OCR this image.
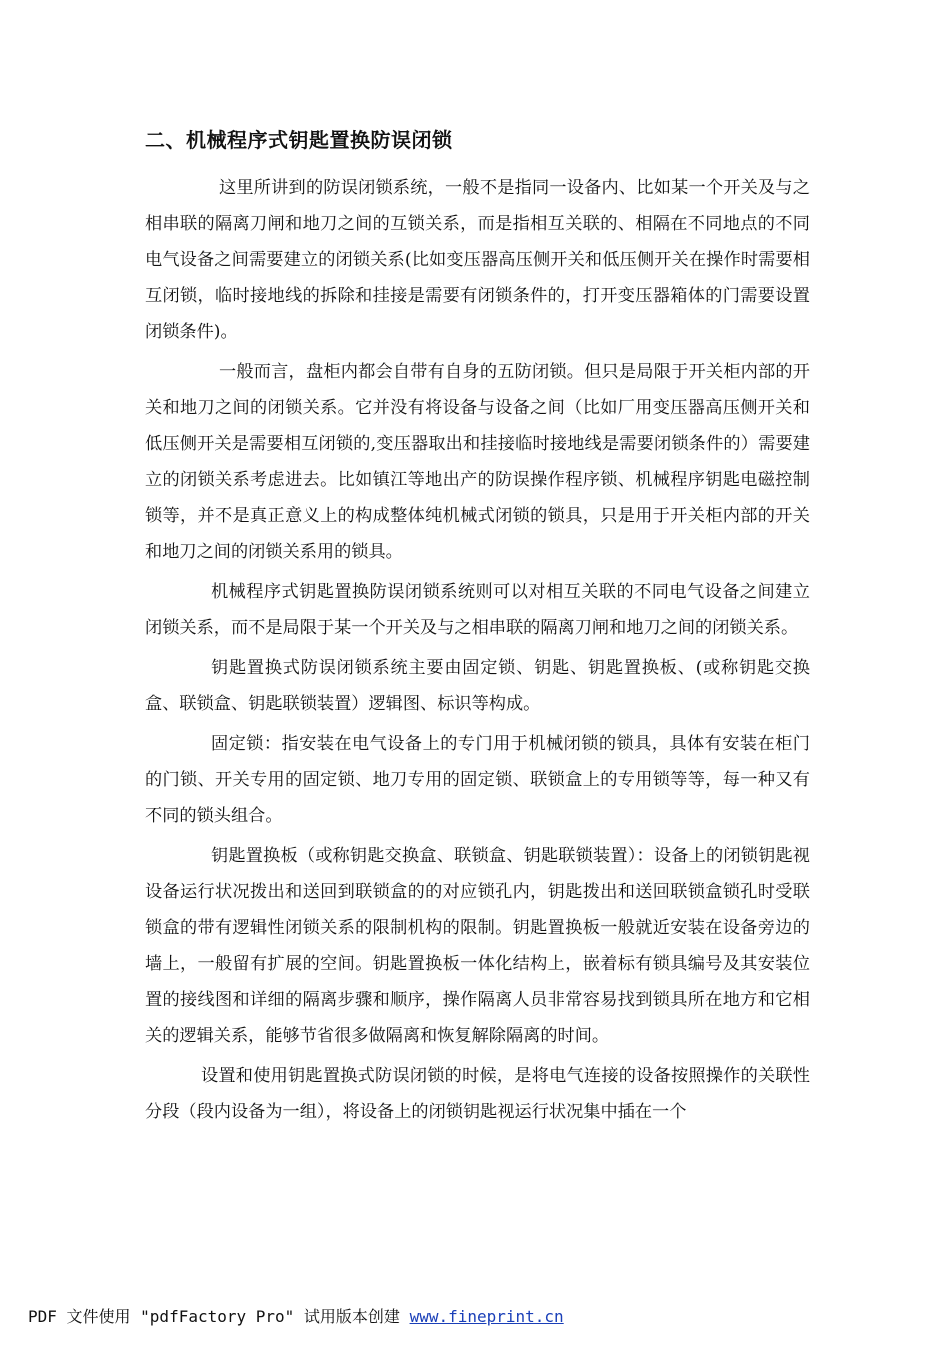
二、机械程序式钥匙置换防误闭锁

这里所讲到的防误闭锁系统，一般不是指同一设备内、比如某一个开关及与之相串联的隔离刀闸和地刀之间的互锁关系，而是指相互关联的、相隔在不同地点的不同电气设备之间需要建立的闭锁关系(比如变压器高压侧开关和低压侧开关在操作时需要相互闭锁，临时接地线的拆除和挂接是需要有闭锁条件的，打开变压器箱体的门需要设置闭锁条件)。

一般而言，盘柜内都会自带有自身的五防闭锁。但只是局限于开关柜内部的开关和地刀之间的闭锁关系。它并没有将设备与设备之间（比如厂用变压器高压侧开关和低压侧开关是需要相互闭锁的,变压器取出和挂接临时接地线是需要闭锁条件的）需要建立的闭锁关系考虑进去。比如镇江等地出产的防误操作程序锁、机械程序钥匙电磁控制锁等，并不是真正意义上的构成整体纯机械式闭锁的锁具，只是用于开关柜内部的开关和地刀之间的闭锁关系用的锁具。

机械程序式钥匙置换防误闭锁系统则可以对相互关联的不同电气设备之间建立闭锁关系，而不是局限于某一个开关及与之相串联的隔离刀闸和地刀之间的闭锁关系。

钥匙置换式防误闭锁系统主要由固定锁、钥匙、钥匙置换板、(或称钥匙交换盒、联锁盒、钥匙联锁装置）逻辑图、标识等构成。

固定锁：指安装在电气设备上的专门用于机械闭锁的锁具，具体有安装在柜门的门锁、开关专用的固定锁、地刀专用的固定锁、联锁盒上的专用锁等等，每一种又有不同的锁头组合。

钥匙置换板（或称钥匙交换盒、联锁盒、钥匙联锁装置）：设备上的闭锁钥匙视设备运行状况拨出和送回到联锁盒的的对应锁孔内，钥匙拨出和送回联锁盒锁孔时受联锁盒的带有逻辑性闭锁关系的限制机构的限制。钥匙置换板一般就近安装在设备旁边的墙上，一般留有扩展的空间。钥匙置换板一体化结构上，嵌着标有锁具编号及其安装位置的接线图和详细的隔离步骤和顺序，操作隔离人员非常容易找到锁具所在地方和它相关的逻辑关系，能够节省很多做隔离和恢复解除隔离的时间。

设置和使用钥匙置换式防误闭锁的时候，是将电气连接的设备按照操作的关联性分段（段内设备为一组），将设备上的闭锁钥匙视运行状况集中插在一个

PDF 文件使用 "pdfFactory Pro" 试用版本创建 www.fineprint.cn
